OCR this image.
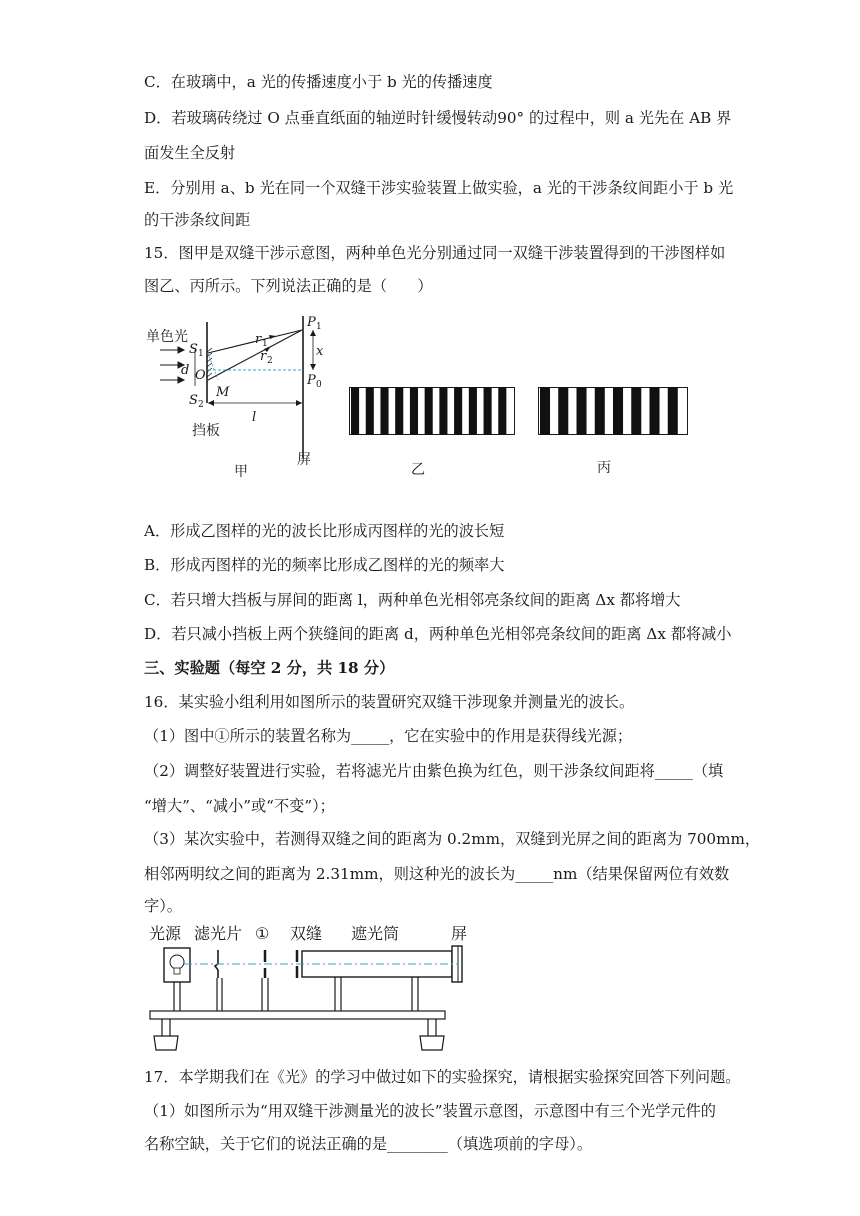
C．在玻璃中，a 光的传播速度小于 b 光的传播速度
D．若玻璃砖绕过 O 点垂直纸面的轴逆时针缓慢转动90° 的过程中，则 a 光先在 AB 界
面发生全反射
E．分别用 a、b 光在同一个双缝干涉实验装置上做实验，a 光的干涉条纹间距小于 b 光
的干涉条纹间距
15．图甲是双缝干涉示意图，两种单色光分别通过同一双缝干涉装置得到的干涉图样如
图乙、丙所示。下列说法正确的是（　　）
单色光
S 1
S 2
d O
M
r 1
r 2
P 1
P 0
x
l
挡板
屏
甲	乙	丙
A．形成乙图样的光的波长比形成丙图样的光的波长短
B．形成丙图样的光的频率比形成乙图样的光的频率大
C．若只增大挡板与屏间的距离 l，两种单色光相邻亮条纹间的距离 Δx 都将增大
D．若只减小挡板上两个狭缝间的距离 d，两种单色光相邻亮条纹间的距离 Δx 都将减小
三、实验题（每空 2 分，共 18 分）
16．某实验小组利用如图所示的装置研究双缝干涉现象并测量光的波长。
（1）图中①所示的装置名称为_____，它在实验中的作用是获得线光源；
（2）调整好装置进行实验，若将滤光片由紫色换为红色，则干涉条纹间距将_____（填
“增大”、“减小”或“不变”）；
（3）某次实验中，若测得双缝之间的距离为 0.2mm，双缝到光屏之间的距离为 700mm，
相邻两明纹之间的距离为 2.31mm，则这种光的波长为_____nm（结果保留两位有效数
字）。
光源 滤光片 ① 双缝 遮光筒	屏
17．本学期我们在《光》的学习中做过如下的实验探究，请根据实验探究回答下列问题。
（1）如图所示为“用双缝干涉测量光的波长”装置示意图，示意图中有三个光学元件的
名称空缺，关于它们的说法正确的是________（填选项前的字母）。
